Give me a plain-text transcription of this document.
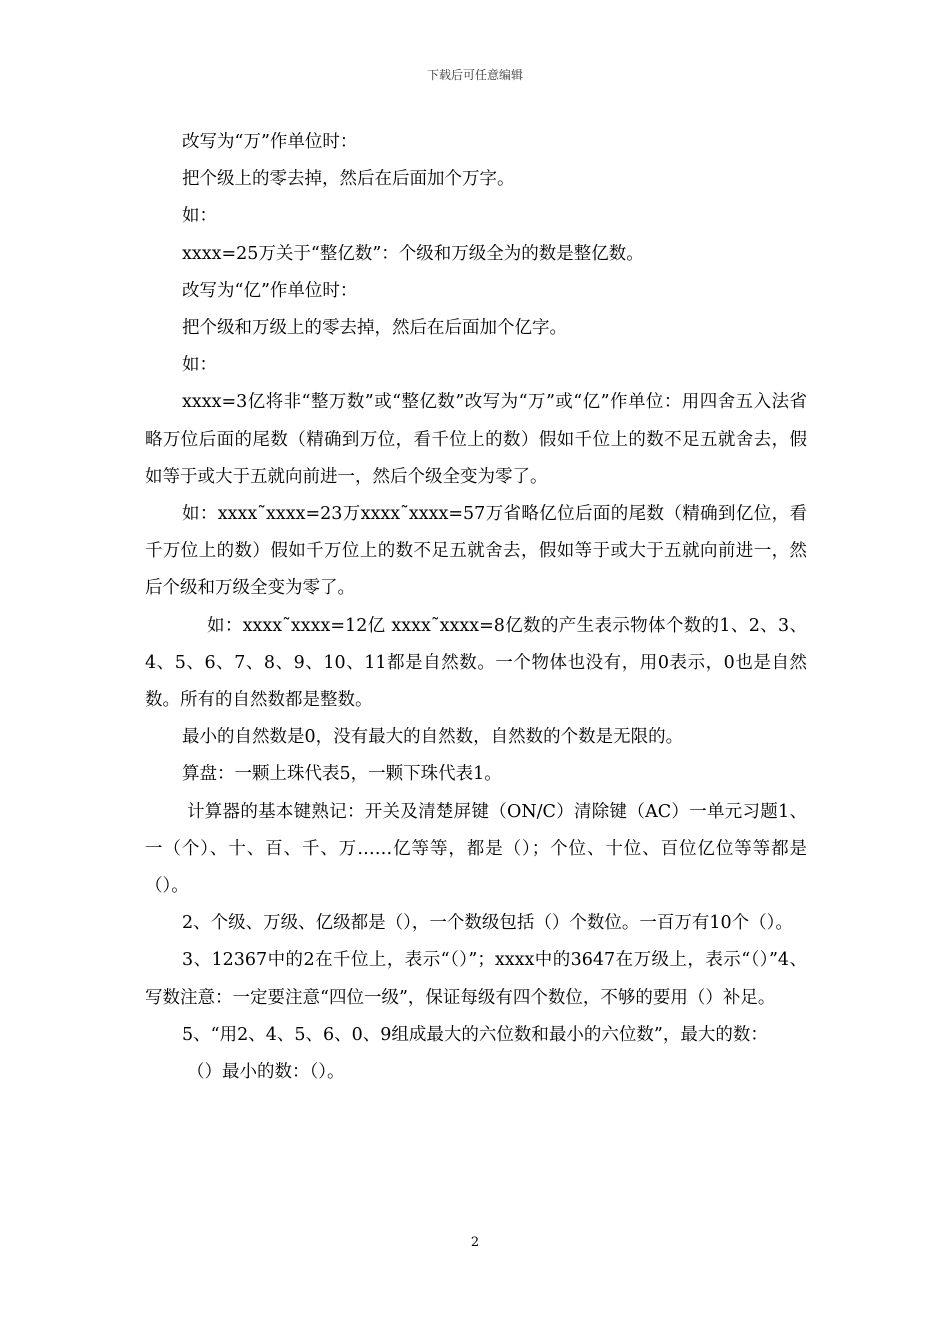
下载后可任意编辑

改写为“万”作单位时：

把个级上的零去掉，然后在后面加个万字。

如：

xxxx=25万关于“整亿数”：个级和万级全为的数是整亿数。

改写为“亿”作单位时：

把个级和万级上的零去掉，然后在后面加个亿字。

如：

xxxx=3亿将非“整万数”或“整亿数”改写为“万”或“亿”作单位：用四舍五入法省略万位后面的尾数（精确到万位，看千位上的数）假如千位上的数不足五就舍去，假如等于或大于五就向前进一，然后个级全变为零了。

如：xxxx˜xxxx=23万xxxx˜xxxx=57万省略亿位后面的尾数（精确到亿位，看千万位上的数）假如千万位上的数不足五就舍去，假如等于或大于五就向前进一，然后个级和万级全变为零了。

如：xxxx˜xxxx=12亿 xxxx˜xxxx=8亿数的产生表示物体个数的1、2、3、4、5、6、7、8、9、10、11都是自然数。一个物体也没有，用0表示，0也是自然数。所有的自然数都是整数。

最小的自然数是0，没有最大的自然数，自然数的个数是无限的。

算盘：一颗上珠代表5，一颗下珠代表1。

计算器的基本键熟记：开关及清楚屏键（ON/C）清除键（AC）一单元习题1、一（个）、十、百、千、万……亿等等，都是（）；个位、十位、百位亿位等等都是（）。

2、个级、万级、亿级都是（），一个数级包括（）个数位。一百万有10个（）。

3、12367中的2在千位上，表示“（）”；xxxx中的3647在万级上，表示“（）”4、写数注意：一定要注意“四位一级”，保证每级有四个数位，不够的要用（）补足。

5、“用2、4、5、6、0、9组成最大的六位数和最小的六位数”，最大的数：

（）最小的数：（）。

2
